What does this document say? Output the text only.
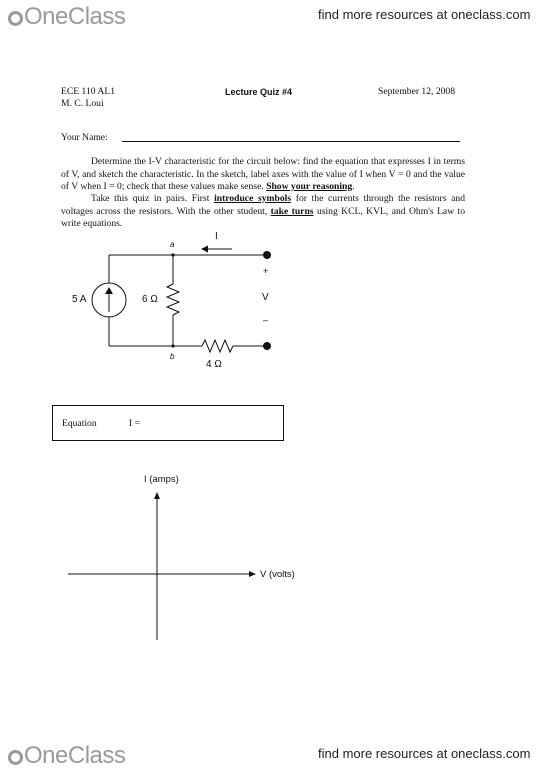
OneClass	find more resources at oneclass.com
ECE 110 AL1
M. C. Loui
Lecture Quiz #4	September 12, 2008
Your Name:
Determine the I-V characteristic for the circuit below: find the equation that expresses I in terms of V, and sketch the characteristic. In the sketch, label axes with the value of I when V = 0 and the value of V when I = 0; check that these values make sense. Show your reasoning.
Take this quiz in pairs. First introduce symbols for the currents through the resistors and voltages across the resistors. With the other student, take turns using KCL, KVL, and Ohm's Law to write equations.
a
b
I
5 A	6 Ω
4 Ω
+
V
–
Equation	I =
I (amps)
V (volts)
OneClass	find more resources at oneclass.com
